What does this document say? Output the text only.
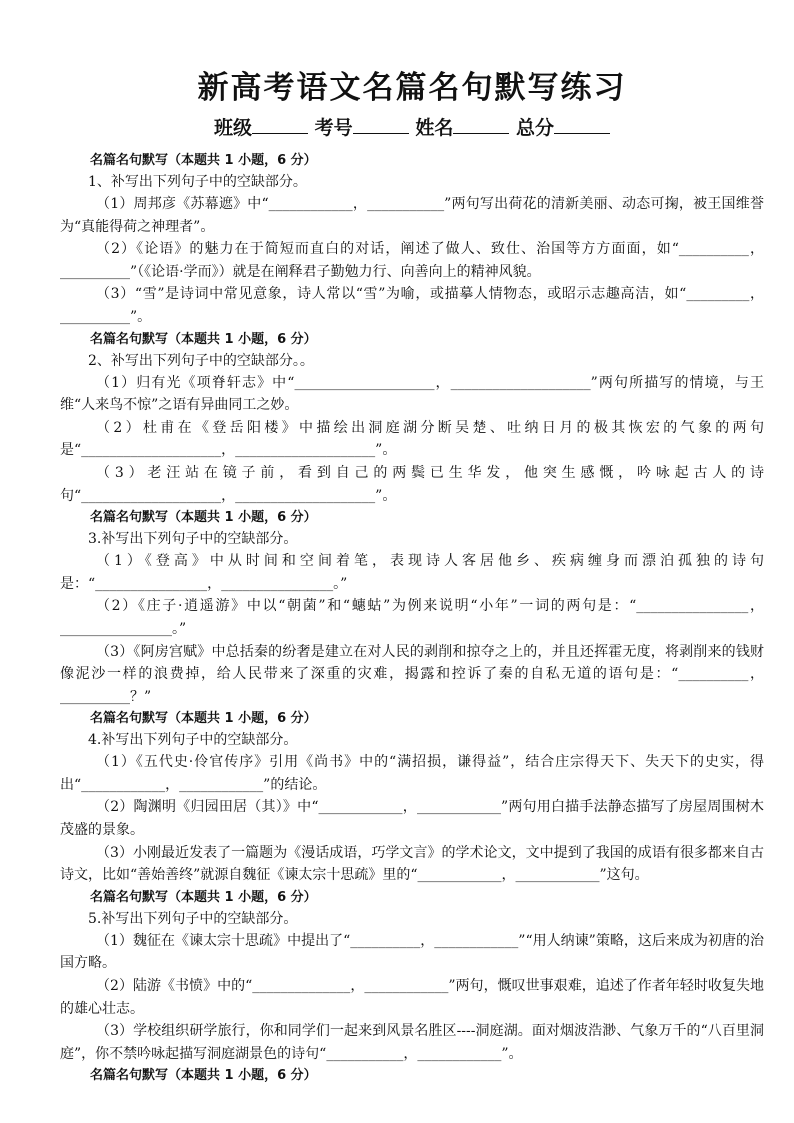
新高考语文名篇名句默写练习
班级	考号	姓名	总分
名篇名句默写（本题共 1 小题，6 分）
1、补写出下列句子中的空缺部分。
（1）周邦彦《苏幕遮》中“____________，___________”两句写出荷花的清新美丽、动态可掬，被王国维誉为“真能得荷之神理者”。
（2）《论语》的魅力在于简短而直白的对话，阐述了做人、致仕、治国等方方面面，如“__________，__________”（《论语·学而》）就是在阐释君子勤勉力行、向善向上的精神风貌。
（3）“雪”是诗词中常见意象，诗人常以“雪”为喻，或描摹人情物态，或昭示志趣高洁，如“_________，__________”。
名篇名句默写（本题共 1 小题，6 分）
2、补写出下列句子中的空缺部分。。
（1）归有光《项脊轩志》中“____________________，____________________”两句所描写的情境，与王维“人来鸟不惊”之语有异曲同工之妙。
（2）杜甫在《登岳阳楼》中描绘出洞庭湖分断吴楚、吐纳日月的极其恢宏的气象的两句是“____________________，____________________”。
（3）老汪站在镜子前，看到自己的两鬓已生华发，他突生感慨，吟咏起古人的诗句“____________________，____________________”。
名篇名句默写（本题共 1 小题，6 分）
3.补写出下列句子中的空缺部分。
（1）《登高》中从时间和空间着笔，表现诗人客居他乡、疾病缠身而漂泊孤独的诗句是：“________________，________________。”
（2）《庄子·逍遥游》中以“朝菌”和“蟪蛄”为例来说明“小年”一词的两句是：“________________，________________。”
（3）《阿房宫赋》中总括秦的纷奢是建立在对人民的剥削和掠夺之上的，并且还挥霍无度，将剥削来的钱财像泥沙一样的浪费掉，给人民带来了深重的灾难，揭露和控诉了秦的自私无道的语句是：“__________，__________？”
名篇名句默写（本题共 1 小题，6 分）
4.补写出下列句子中的空缺部分。
（1）《五代史·伶官传序》引用《尚书》中的“满招损，谦得益”，结合庄宗得天下、失天下的史实，得出“____________，____________”的结论。
（2）陶渊明《归园田居（其）》中“____________，____________”两句用白描手法静态描写了房屋周围树木茂盛的景象。
（3）小刚最近发表了一篇题为《漫话成语，巧学文言》的学术论文，文中提到了我国的成语有很多都来自古诗文，比如“善始善终”就源自魏征《谏太宗十思疏》里的“____________，____________”这句。
名篇名句默写（本题共 1 小题，6 分）
5.补写出下列句子中的空缺部分。
（1）魏征在《谏太宗十思疏》中提出了“__________，____________”“用人纳谏”策略，这后来成为初唐的治国方略。
（2）陆游《书愤》中的“______________，____________”两句，慨叹世事艰难，追述了作者年轻时收复失地的雄心壮志。
（3）学校组织研学旅行，你和同学们一起来到风景名胜区----洞庭湖。面对烟波浩渺、气象万千的“八百里洞庭”，你不禁吟咏起描写洞庭湖景色的诗句“___________，____________”。
名篇名句默写（本题共 1 小题，6 分）
